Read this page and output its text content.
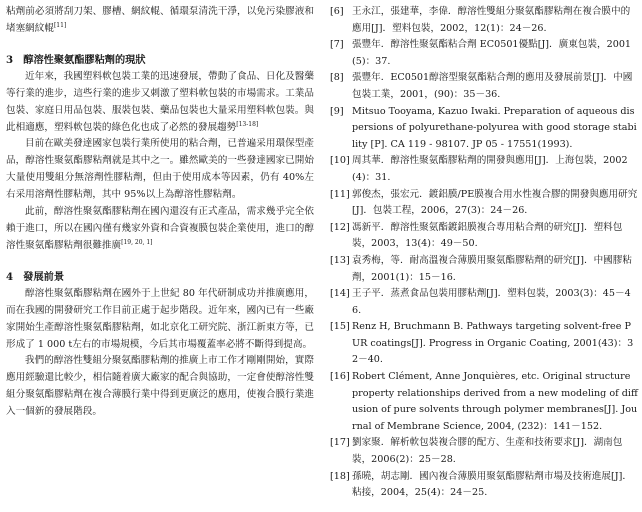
粘劑前必須將刮刀架、膠槽、網紋輥、循環泵清洗干淨，以免污染膠液和堵塞網紋輥[11]

3　醇溶性聚氨酯膠粘劑的現狀

近年來，我國塑料軟包裝工業的迅速發展，帶動了食品、日化及醫藥等行業的進步，這些行業的進步又刺激了塑料軟包裝的市場需求。工業品包裝、家庭日用品包裝、服裝包裝、藥品包裝也大量采用塑料軟包裝。與此相適應，塑料軟包裝的綠色化也成了必然的發展趨勢[13-18]

目前在歐美發達國家包裝行業所使用的粘合劑，已普遍采用環保型產品，醇溶性聚氨酯膠粘劑就是其中之一。雖然歐美的一些發達國家已開始大量使用雙組分無溶劑性膠粘劑，但由于使用成本等因素，仍有 40%左右采用溶劑性膠粘劑，其中 95%以上為醇溶性膠粘劑。

此前，醇溶性聚氨酯膠粘劑在國內還沒有正式產品，需求幾乎完全依賴于進口，所以在國內僅有幾家外資和合資複膜包裝企業使用，進口的醇溶性聚氨酯膠粘劑很難推廣[19, 20, 1]

4　發展前景

醇溶性聚氨酯膠粘劑在國外于上世紀 80 年代研制成功并推廣應用，而在我國的開發研究工作目前正處于起步階段。近年來，國內已有一些廠家開始生產醇溶性聚氨酯膠粘劑，如北京化工研究院、浙江新東方等，已形成了 1 000 t左右的市場規模，今后其市場覆蓋率必將不斷得到提高。

我們的醇溶性雙組分聚氨酯膠粘劑的推廣上市工作才剛剛開始，實際應用經驗還比較少，相信隨着廣大廠家的配合與協助，一定會使醇溶性雙組分聚氨酯膠粘劑在複合薄膜行業中得到更廣泛的應用，使複合膜行業進入一個新的發展階段。

[6] 王永江，張建華，李偉．醇溶性雙組分聚氨酯膠粘劑在複合膜中的應用[J]．塑料包裝，2002，12(1)：24－26.

[7] 張豐年．醇溶性聚氨酯粘合劑 EC0501優點[J]．廣東包裝，2001(5)：37.

[8] 張豐年．EC0501醇溶型聚氨酯粘合劑的應用及發展前景[J]．中國包裝工業，2001，(90)：35－36.

[9] Mitsuo Tooyama, Kazuo Iwaki. Preparation of aqueous dispersions of polyurethane-polyurea with good storage stability [P]. CA 119 - 98107. JP 05 - 17551(1993).

[10] 周其華．醇溶性聚氨酯膠粘劑的開發與應用[J]．上海包裝，2002(4)：31.

[11] 郭俊杰，張宏元．鍍鋁膜/PE膜複合用水性複合膠的開發與應用研究[J]．包裝工程，2006，27(3)：24－26.

[12] 馮新平．醇溶性聚氨酯鍍鋁膜複合專用粘合劑的研究[J]．塑料包裝，2003，13(4)：49－50.

[13] 袁秀梅，等．耐高溫複合薄膜用聚氨酯膠粘劑的研究[J]．中國膠粘劑，2001(1)：15－16.

[14] 王子平．蒸煮食品包裝用膠粘劑[J]．塑料包裝，2003(3)：45－46.

[15] Renz H, Bruchmann B. Pathways targeting solvent-free PUR coatings[J]. Progress in Organic Coating, 2001(43)：32－40.

[16] Robert Clément, Anne Jonquières, etc. Original structure property relationships derived from a new modeling of diffusion of pure solvents through polymer membranes[J]. Journal of Membrane Science, 2004, (232)：141－152.

[17] 劉家聚．解析軟包裝複合膠的配方、生產和技術要求[J]．湖南包裝，2006(2)：25－28.

[18] 孫曉，胡志剛．國內複合薄膜用聚氨酯膠粘劑市場及技術進展[J]．粘接，2004，25(4)：24－25.
